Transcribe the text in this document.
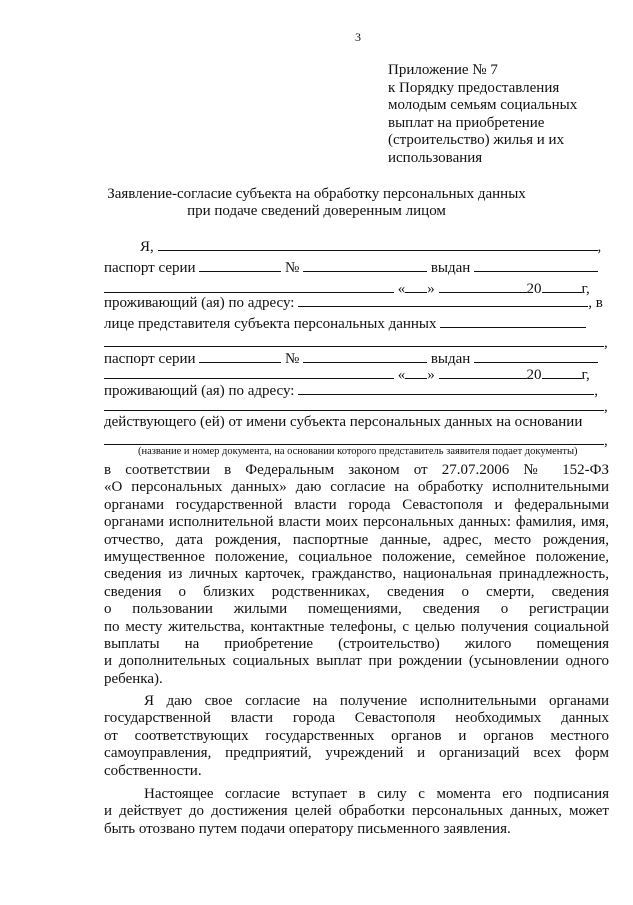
3
Приложение № 7
к Порядку предоставления
молодым семьям социальных
выплат на приобретение
(строительство) жилья и их
использования
Заявление-согласие субъекта на обработку персональных данных
при подаче сведений доверенным лицом
Я,	,
паспорт серии	№	выдан
« »	20	г,
проживающий (ая) по адресу:	, в
лице представителя субъекта персональных данных
,
паспорт серии	№	выдан
« »	20	г,
проживающий (ая) по адресу:	,
,
действующего (ей) от имени субъекта персональных данных на основании
,
(название и номер документа, на основании которого представитель заявителя подает документы)
в соответствии в Федеральным законом от 27.07.2006 № 152-ФЗ
«О персональных данных» даю согласие на обработку исполнительными
органами государственной власти города Севастополя и федеральными
органами исполнительной власти моих персональных данных: фамилия, имя,
отчество, дата рождения, паспортные данные, адрес, место рождения,
имущественное положение, социальное положение, семейное положение,
сведения из личных карточек, гражданство, национальная принадлежность,
сведения о близких родственниках, сведения о смерти, сведения
о пользовании жилыми помещениями, сведения о регистрации
по месту жительства, контактные телефоны, с целью получения социальной
выплаты на приобретение (строительство) жилого помещения
и дополнительных социальных выплат при рождении (усыновлении одного
ребенка).
Я даю свое согласие на получение исполнительными органами
государственной власти города Севастополя необходимых данных
от соответствующих государственных органов и органов местного
самоуправления, предприятий, учреждений и организаций всех форм
собственности.
Настоящее согласие вступает в силу с момента его подписания
и действует до достижения целей обработки персональных данных, может
быть отозвано путем подачи оператору письменного заявления.
